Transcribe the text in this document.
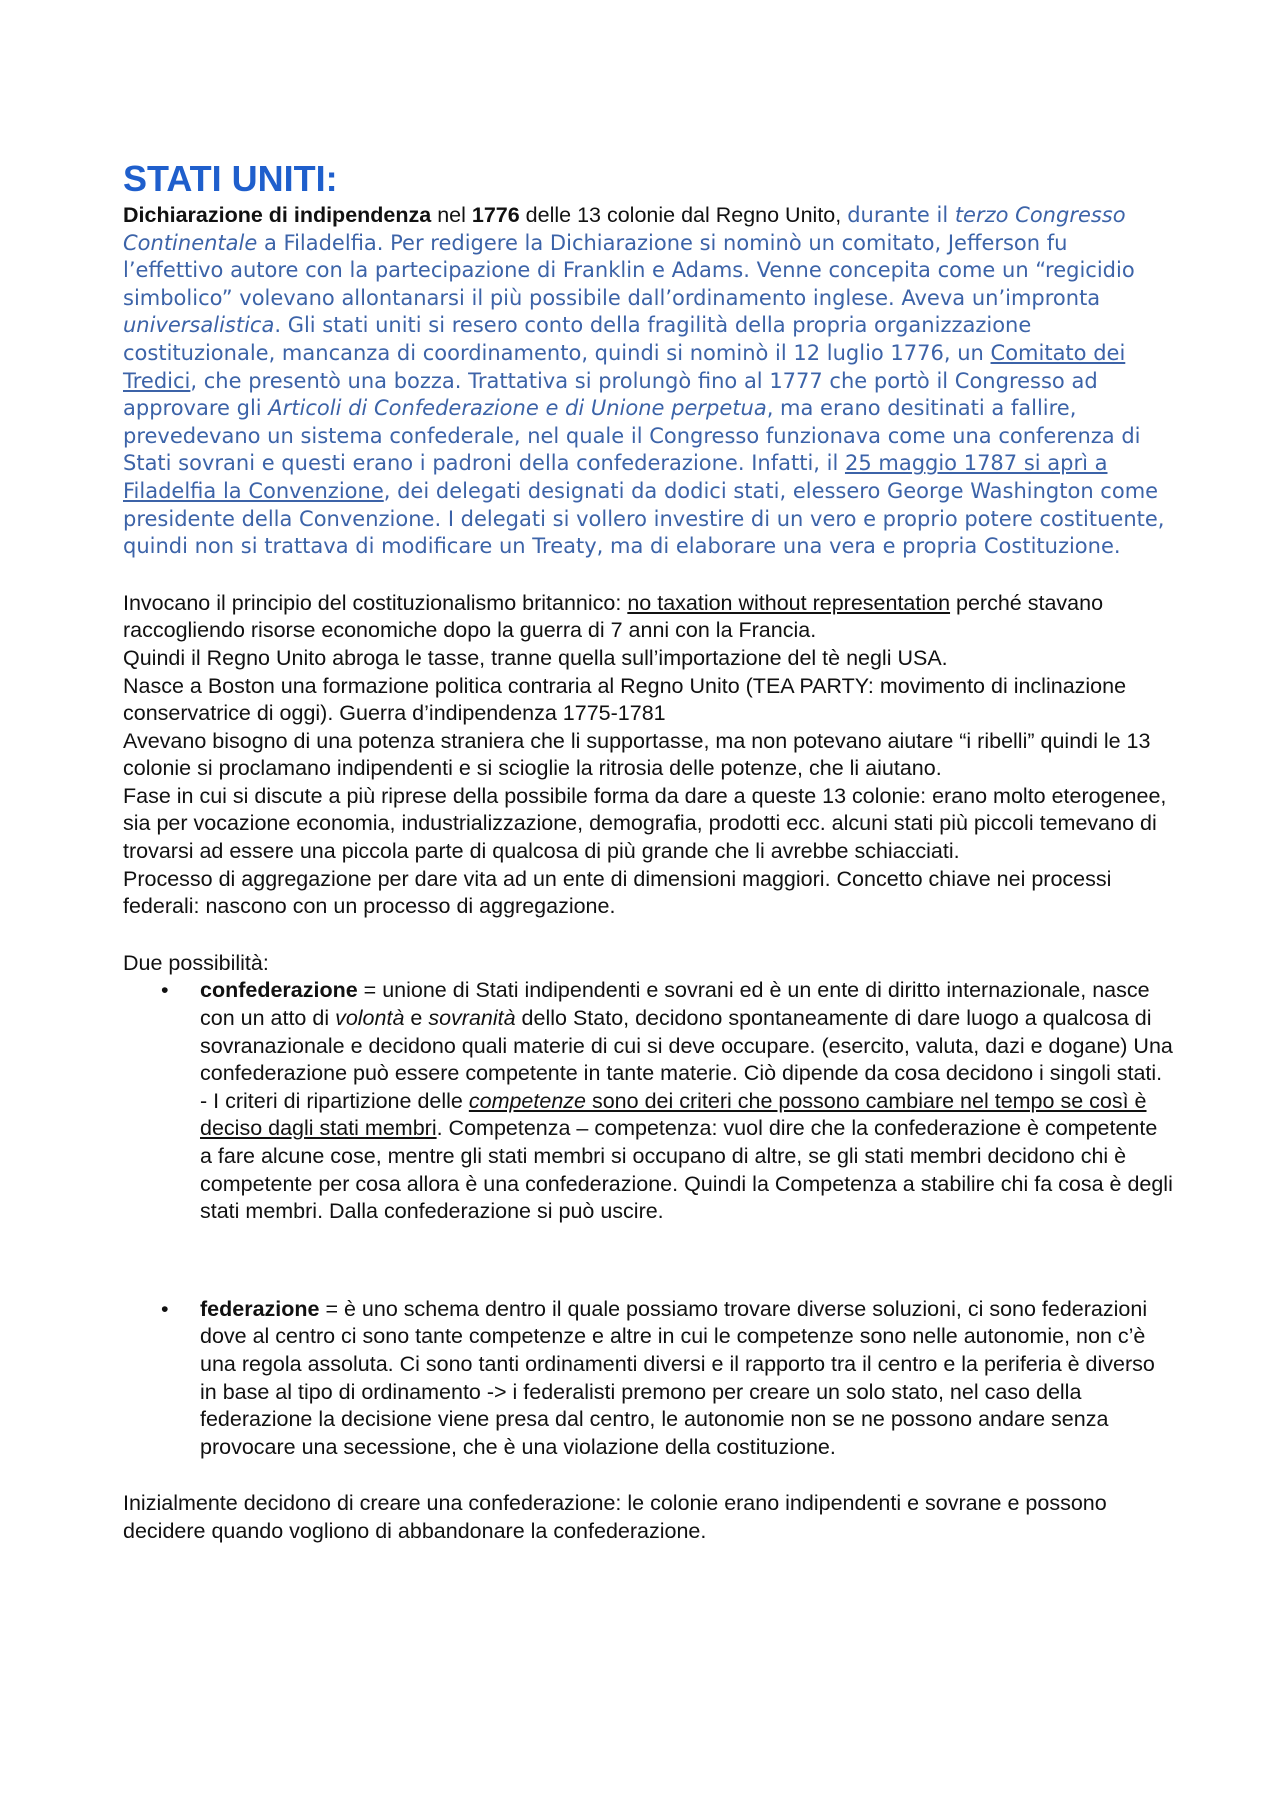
STATI UNITI:

Dichiarazione di indipendenza nel 1776 delle 13 colonie dal Regno Unito, durante il terzo Congresso Continentale a Filadelfia. Per redigere la Dichiarazione si nominò un comitato, Jefferson fu l’effettivo autore con la partecipazione di Franklin e Adams. Venne concepita come un “regicidio simbolico” volevano allontanarsi il più possibile dall’ordinamento inglese. Aveva un’impronta universalistica. Gli stati uniti si resero conto della fragilità della propria organizzazione costituzionale, mancanza di coordinamento, quindi si nominò il 12 luglio 1776, un Comitato dei Tredici, che presentò una bozza. Trattativa si prolungò fino al 1777 che portò il Congresso ad approvare gli Articoli di Confederazione e di Unione perpetua, ma erano desitinati a fallire, prevedevano un sistema confederale, nel quale il Congresso funzionava come una conferenza di Stati sovrani e questi erano i padroni della confederazione. Infatti, il 25 maggio 1787 si aprì a Filadelfia la Convenzione, dei delegati designati da dodici stati, elessero George Washington come presidente della Convenzione. I delegati si vollero investire di un vero e proprio potere costituente, quindi non si trattava di modificare un Treaty, ma di elaborare una vera e propria Costituzione.

Invocano il principio del costituzionalismo britannico: no taxation without representation perché stavano raccogliendo risorse economiche dopo la guerra di 7 anni con la Francia.

Quindi il Regno Unito abroga le tasse, tranne quella sull’importazione del tè negli USA.

Nasce a Boston una formazione politica contraria al Regno Unito (TEA PARTY: movimento di inclinazione conservatrice di oggi). Guerra d’indipendenza 1775-1781

Avevano bisogno di una potenza straniera che li supportasse, ma non potevano aiutare “i ribelli” quindi le 13 colonie si proclamano indipendenti e si scioglie la ritrosia delle potenze, che li aiutano.

Fase in cui si discute a più riprese della possibile forma da dare a queste 13 colonie: erano molto eterogenee, sia per vocazione economia, industrializzazione, demografia, prodotti ecc. alcuni stati più piccoli temevano di trovarsi ad essere una piccola parte di qualcosa di più grande che li avrebbe schiacciati.

Processo di aggregazione per dare vita ad un ente di dimensioni maggiori. Concetto chiave nei processi federali: nascono con un processo di aggregazione.

Due possibilità:

• confederazione = unione di Stati indipendenti e sovrani ed è un ente di diritto internazionale, nasce con un atto di volontà e sovranità dello Stato, decidono spontaneamente di dare luogo a qualcosa di sovranazionale e decidono quali materie di cui si deve occupare. (esercito, valuta, dazi e dogane) Una confederazione può essere competente in tante materie. Ciò dipende da cosa decidono i singoli stati. - I criteri di ripartizione delle competenze sono dei criteri che possono cambiare nel tempo se così è deciso dagli stati membri. Competenza – competenza: vuol dire che la confederazione è competente a fare alcune cose, mentre gli stati membri si occupano di altre, se gli stati membri decidono chi è competente per cosa allora è una confederazione. Quindi la Competenza a stabilire chi fa cosa è degli stati membri. Dalla confederazione si può uscire.
• federazione = è uno schema dentro il quale possiamo trovare diverse soluzioni, ci sono federazioni dove al centro ci sono tante competenze e altre in cui le competenze sono nelle autonomie, non c’è una regola assoluta. Ci sono tanti ordinamenti diversi e il rapporto tra il centro e la periferia è diverso in base al tipo di ordinamento -> i federalisti premono per creare un solo stato, nel caso della federazione la decisione viene presa dal centro, le autonomie non se ne possono andare senza provocare una secessione, che è una violazione della costituzione.

Inizialmente decidono di creare una confederazione: le colonie erano indipendenti e sovrane e possono decidere quando vogliono di abbandonare la confederazione.
